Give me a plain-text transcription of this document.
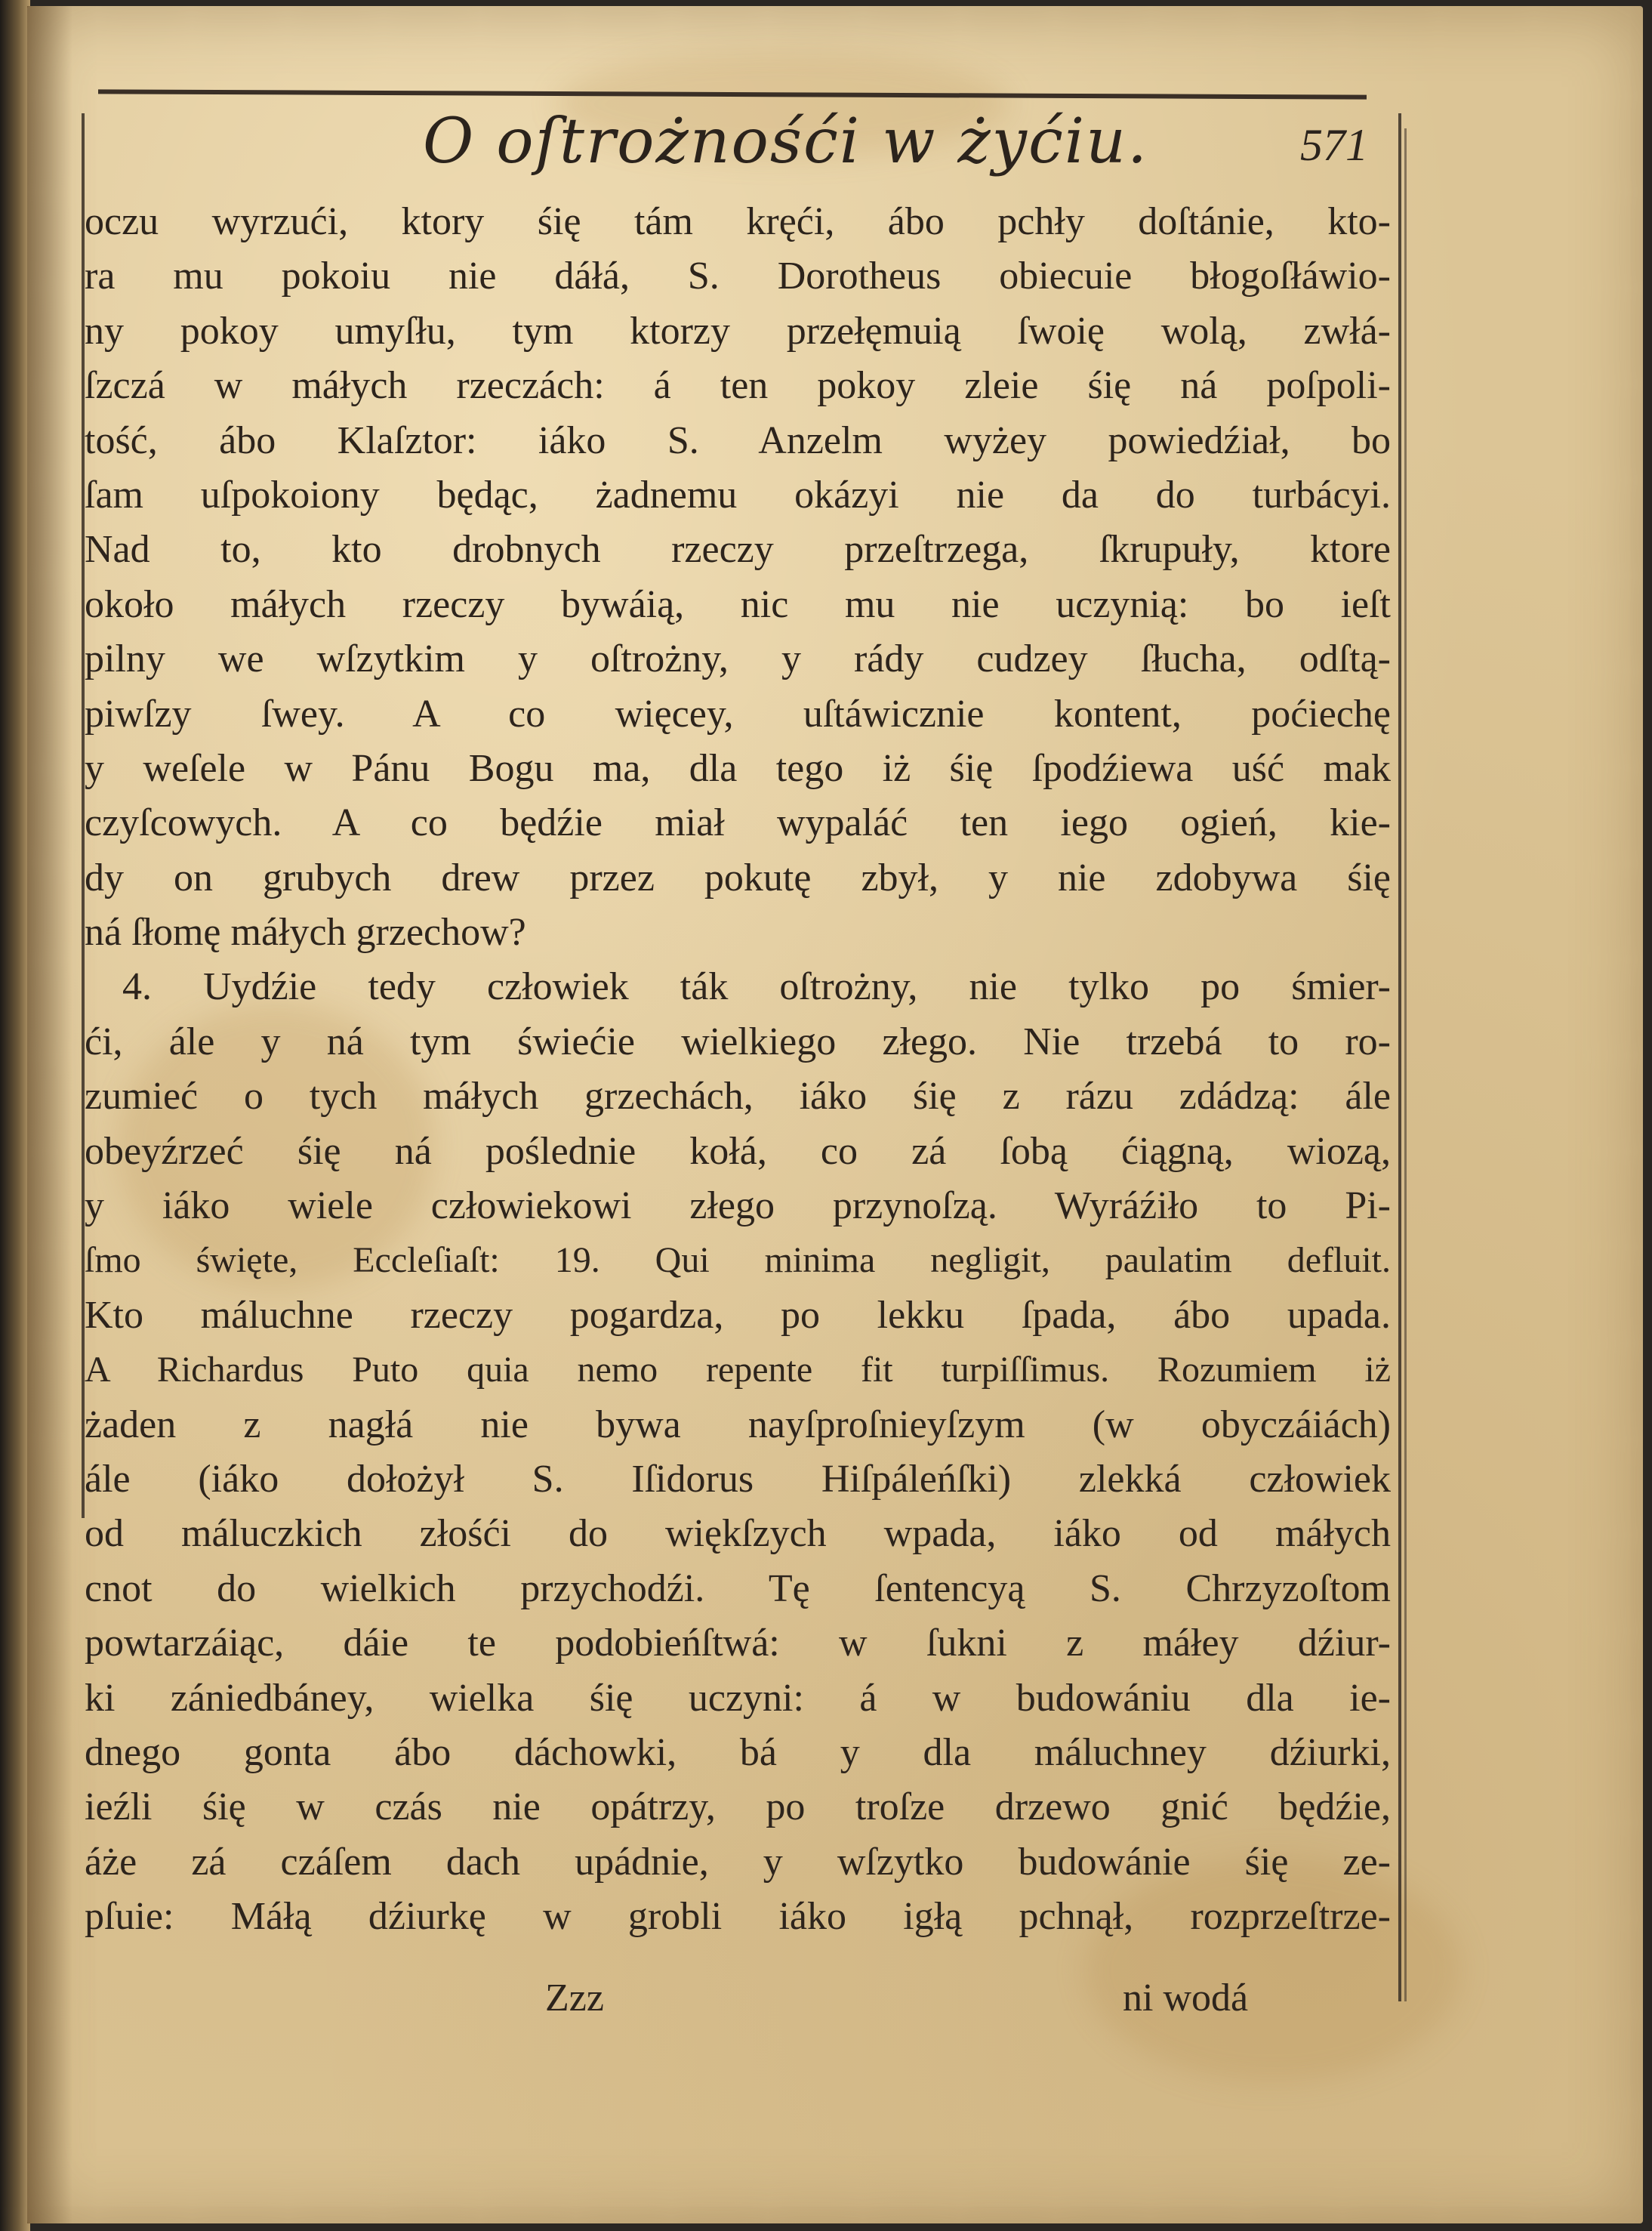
O oſtrożnośći w żyćiu.	571
oczu wyrzući, ktory śię tám kręći, ábo pchły doſtánie, kto-
ra mu pokoiu nie dáłá, S. Dorotheus obiecuie błogoſłáwio-
ny pokoy umyſłu, tym ktorzy przełęmuią ſwoię wolą, zwłá-
ſzczá w máłych rzeczách: á ten pokoy zleie śię ná poſpoli-
tość, ábo Klaſztor: iáko S. Anzelm wyżey powiedźiał, bo
ſam uſpokoiony będąc, żadnemu okázyi nie da do turbácyi.
Nad to, kto drobnych rzeczy przeſtrzega, ſkrupuły, ktore
około máłych rzeczy bywáią, nic mu nie uczynią: bo ieſt
pilny we wſzytkim y oſtrożny, y rády cudzey ſłucha, odſtą-
piwſzy ſwey. A co więcey, uſtáwicznie kontent, poćiechę
y weſele w Pánu Bogu ma, dla tego iż śię ſpodźiewa uść mak
czyſcowych. A co będźie miał wypaláć ten iego ogień, kie-
dy on grubych drew przez pokutę zbył, y nie zdobywa śię
ná ſłomę máłych grzechow?
4. Uydźie tedy człowiek ták oſtrożny, nie tylko po śmier-
ći, ále y ná tym świećie wielkiego złego. Nie trzebá to ro-
zumieć o tych máłych grzechách, iáko śię z rázu zdádzą: ále
obeyźrzeć śię ná poślednie kołá, co zá ſobą ćiągną, wiozą,
y iáko wiele człowiekowi złego przynoſzą. Wyráźiło to Pi-
ſmo święte, Eccleſiaſt: 19. Qui minima negligit, paulatim defluit.
Kto máluchne rzeczy pogardza, po lekku ſpada, ábo upada.
A Richardus Puto quia nemo repente fit turpiſſimus. Rozumiem iż
żaden z nagłá nie bywa nayſproſnieyſzym (w obyczáiách)
ále (iáko dołożył S. Iſidorus Hiſpáleńſki) zlekká człowiek
od máluczkich złośći do więkſzych wpada, iáko od máłych
cnot do wielkich przychodźi. Tę ſentencyą S. Chrzyzoſtom
powtarzáiąc, dáie te podobieńſtwá: w ſukni z máłey dźiur-
ki zániedbáney, wielka śię uczyni: á w budowániu dla ie-
dnego gonta ábo dáchowki, bá y dla máluchney dźiurki,
ieźli śię w czás nie opátrzy, po troſze drzewo gnić będźie,
áże zá czáſem dach upádnie, y wſzytko budowánie śię ze-
pſuie: Máłą dźiurkę w grobli iáko igłą pchnął, rozprzeſtrze-
Zzz	ni wodá
